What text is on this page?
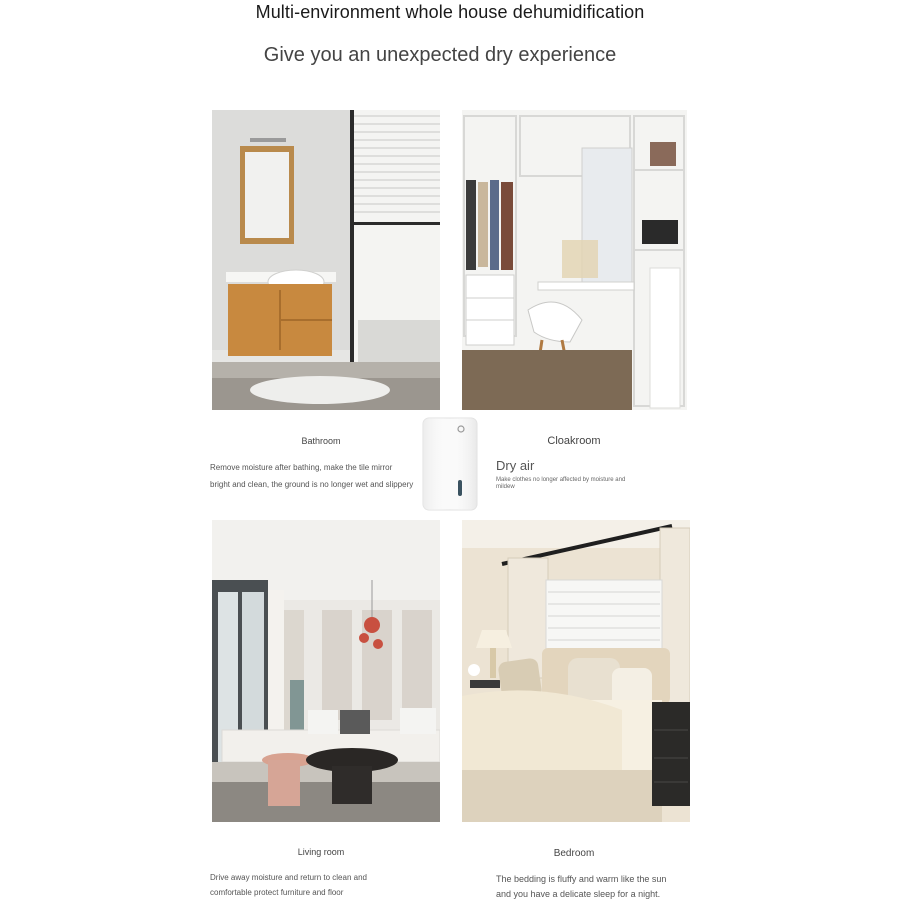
Multi-environment whole house dehumidification
Give you an unexpected dry experience
Bathroom
Remove moisture after bathing, make the tile mirror
bright and clean, the ground is no longer wet and slippery
Cloakroom
Dry air
Make clothes no longer affected by moisture and
mildew
Living room
Drive away moisture and return to clean and
comfortable protect furniture and floor
Bedroom
The bedding is fluffy and warm like the sun
and you have a delicate sleep for a night.
